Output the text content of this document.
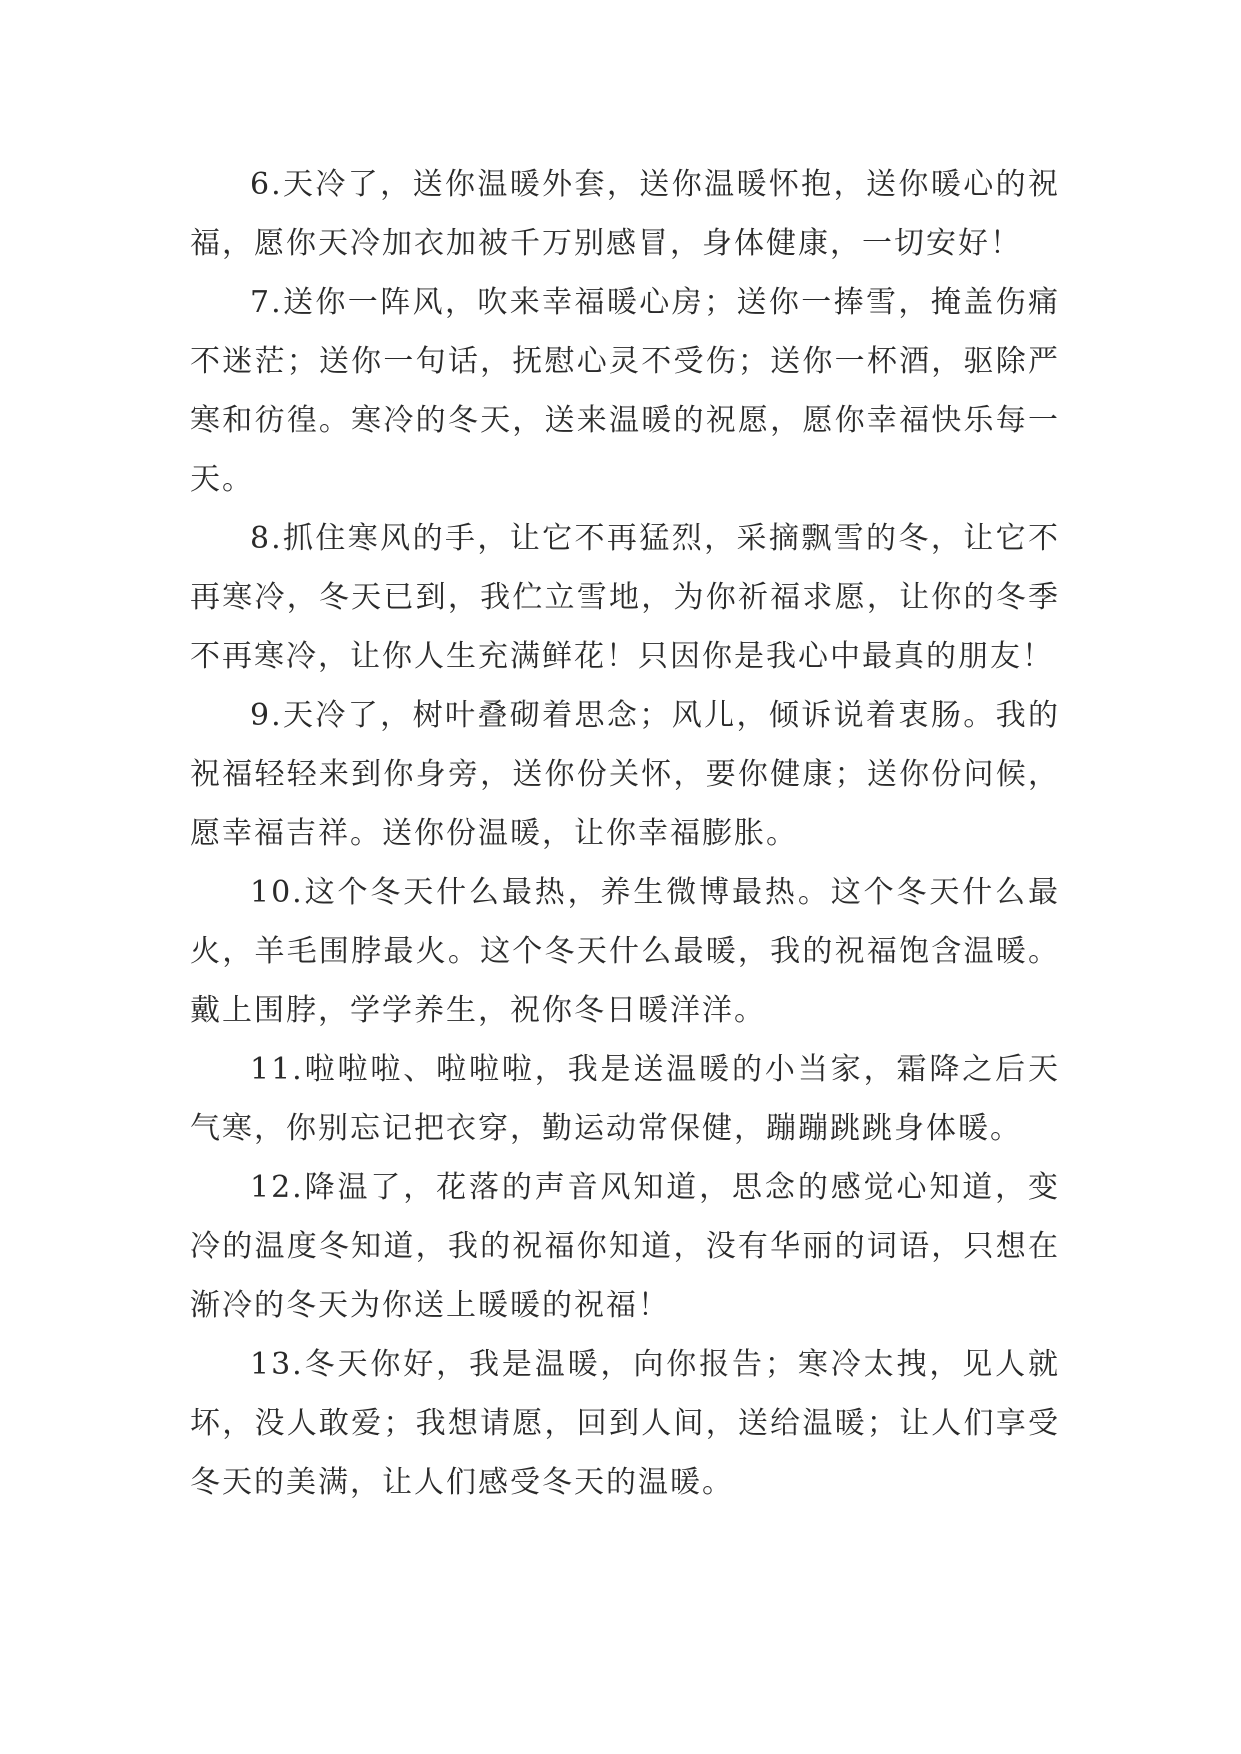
6.天冷了，送你温暖外套，送你温暖怀抱，送你暖心的祝福，愿你天冷加衣加被千万别感冒，身体健康，一切安好！

7.送你一阵风，吹来幸福暖心房；送你一捧雪，掩盖伤痛不迷茫；送你一句话，抚慰心灵不受伤；送你一杯酒，驱除严寒和彷徨。寒冷的冬天，送来温暖的祝愿，愿你幸福快乐每一天。

8.抓住寒风的手，让它不再猛烈，采摘飘雪的冬，让它不再寒冷，冬天已到，我伫立雪地，为你祈福求愿，让你的冬季不再寒冷，让你人生充满鲜花！只因你是我心中最真的朋友！

9.天冷了，树叶叠砌着思念；风儿，倾诉说着衷肠。我的祝福轻轻来到你身旁，送你份关怀，要你健康；送你份问候，愿幸福吉祥。送你份温暖，让你幸福膨胀。

10.这个冬天什么最热，养生微博最热。这个冬天什么最火，羊毛围脖最火。这个冬天什么最暖，我的祝福饱含温暖。戴上围脖，学学养生，祝你冬日暖洋洋。

11.啦啦啦、啦啦啦，我是送温暖的小当家，霜降之后天气寒，你别忘记把衣穿，勤运动常保健，蹦蹦跳跳身体暖。

12.降温了，花落的声音风知道，思念的感觉心知道，变冷的温度冬知道，我的祝福你知道，没有华丽的词语，只想在渐冷的冬天为你送上暖暖的祝福！

13.冬天你好，我是温暖，向你报告；寒冷太拽，见人就坏，没人敢爱；我想请愿，回到人间，送给温暖；让人们享受冬天的美满，让人们感受冬天的温暖。
